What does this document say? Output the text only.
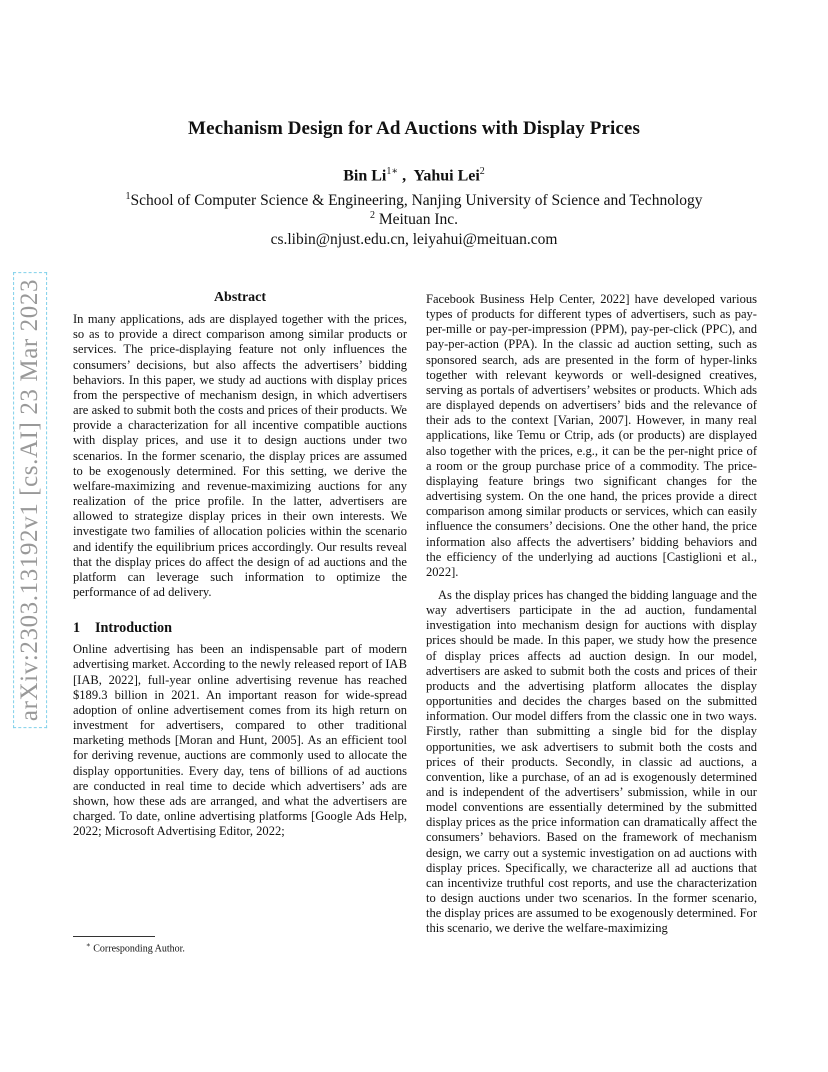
Mechanism Design for Ad Auctions with Display Prices
Bin $Li^{1∗}$ ,  Yahui Lei$^2$
$^1$School of Computer Science & Engineering, Nanjing University of Science and Technology
$^2$ Meituan Inc.
cs.libin@njust.edu.cn, leiyahui@meituan.com
arXiv:2303.13192v1 [cs.AI] 23 Mar 2023	Abstract

In many applications, ads are displayed together with the prices, so as to provide a direct comparison among similar products or services. The price-displaying feature not only influences the consumers’ decisions, but also affects the advertisers’ bidding behaviors. In this paper, we study ad auctions with display prices from the perspective of mechanism design, in which advertisers are asked to submit both the costs and prices of their products. We provide a characterization for all incentive compatible auctions with display prices, and use it to design auctions under two scenarios. In the former scenario, the display prices are assumed to be exogenously determined. For this setting, we derive the welfare-maximizing and revenue-maximizing auctions for any realization of the price profile. In the latter, advertisers are allowed to strategize display prices in their own interests. We investigate two families of allocation policies within the scenario and identify the equilibrium prices accordingly. Our results reveal that the display prices do affect the design of ad auctions and the platform can leverage such information to optimize the performance of ad delivery.

1 Introduction

Online advertising has been an indispensable part of modern advertising market. According to the newly released report of IAB [IAB, 2022], full-year online advertising revenue has reached $189.3 billion in 2021. An important reason for wide-spread adoption of online advertisement comes from its high return on investment for advertisers, compared to other traditional marketing methods [Moran and Hunt, 2005]. As an efficient tool for deriving revenue, auctions are commonly used to allocate the display opportunities. Every day, tens of billions of ad auctions are conducted in real time to decide which advertisers’ ads are shown, how these ads are arranged, and what the advertisers are charged. To date, online advertising platforms [Google Ads Help, 2022; Microsoft Advertising Editor, 2022;

Facebook Business Help Center, 2022] have developed various types of products for different types of advertisers, such as pay-per-mille or pay-per-impression (PPM), pay-per-click (PPC), and pay-per-action (PPA). In the classic ad auction setting, such as sponsored search, ads are presented in the form of hyper-links together with relevant keywords or well-designed creatives, serving as portals of advertisers’ websites or products. Which ads are displayed depends on advertisers’ bids and the relevance of their ads to the context [Varian, 2007]. However, in many real applications, like Temu or Ctrip, ads (or products) are displayed also together with the prices, e.g., it can be the per-night price of a room or the group purchase price of a commodity. The price-displaying feature brings two significant changes for the advertising system. On the one hand, the prices provide a direct comparison among similar products or services, which can easily influence the consumers’ decisions. One the other hand, the price information also affects the advertisers’ bidding behaviors and the efficiency of the underlying ad auctions [Castiglioni et al., 2022].

As the display prices has changed the bidding language and the way advertisers participate in the ad auction, fundamental investigation into mechanism design for auctions with display prices should be made. In this paper, we study how the presence of display prices affects ad auction design. In our model, advertisers are asked to submit both the costs and prices of their products and the advertising platform allocates the display opportunities and decides the charges based on the submitted information. Our model differs from the classic one in two ways. Firstly, rather than submitting a single bid for the display opportunities, we ask advertisers to submit both the costs and prices of their products. Secondly, in classic ad auctions, a convention, like a purchase, of an ad is exogenously determined and is independent of the advertisers’ submission, while in our model conventions are essentially determined by the submitted display prices as the price information can dramatically affect the consumers’ behaviors. Based on the framework of mechanism design, we carry out a systemic investigation on ad auctions with display prices. Specifically, we characterize all ad auctions that can incentivize truthful cost reports, and use the characterization to design auctions under two scenarios. In the former scenario, the display prices are assumed to be exogenously determined. For this scenario, we derive the welfare-maximizing

∗ Corresponding Author.
